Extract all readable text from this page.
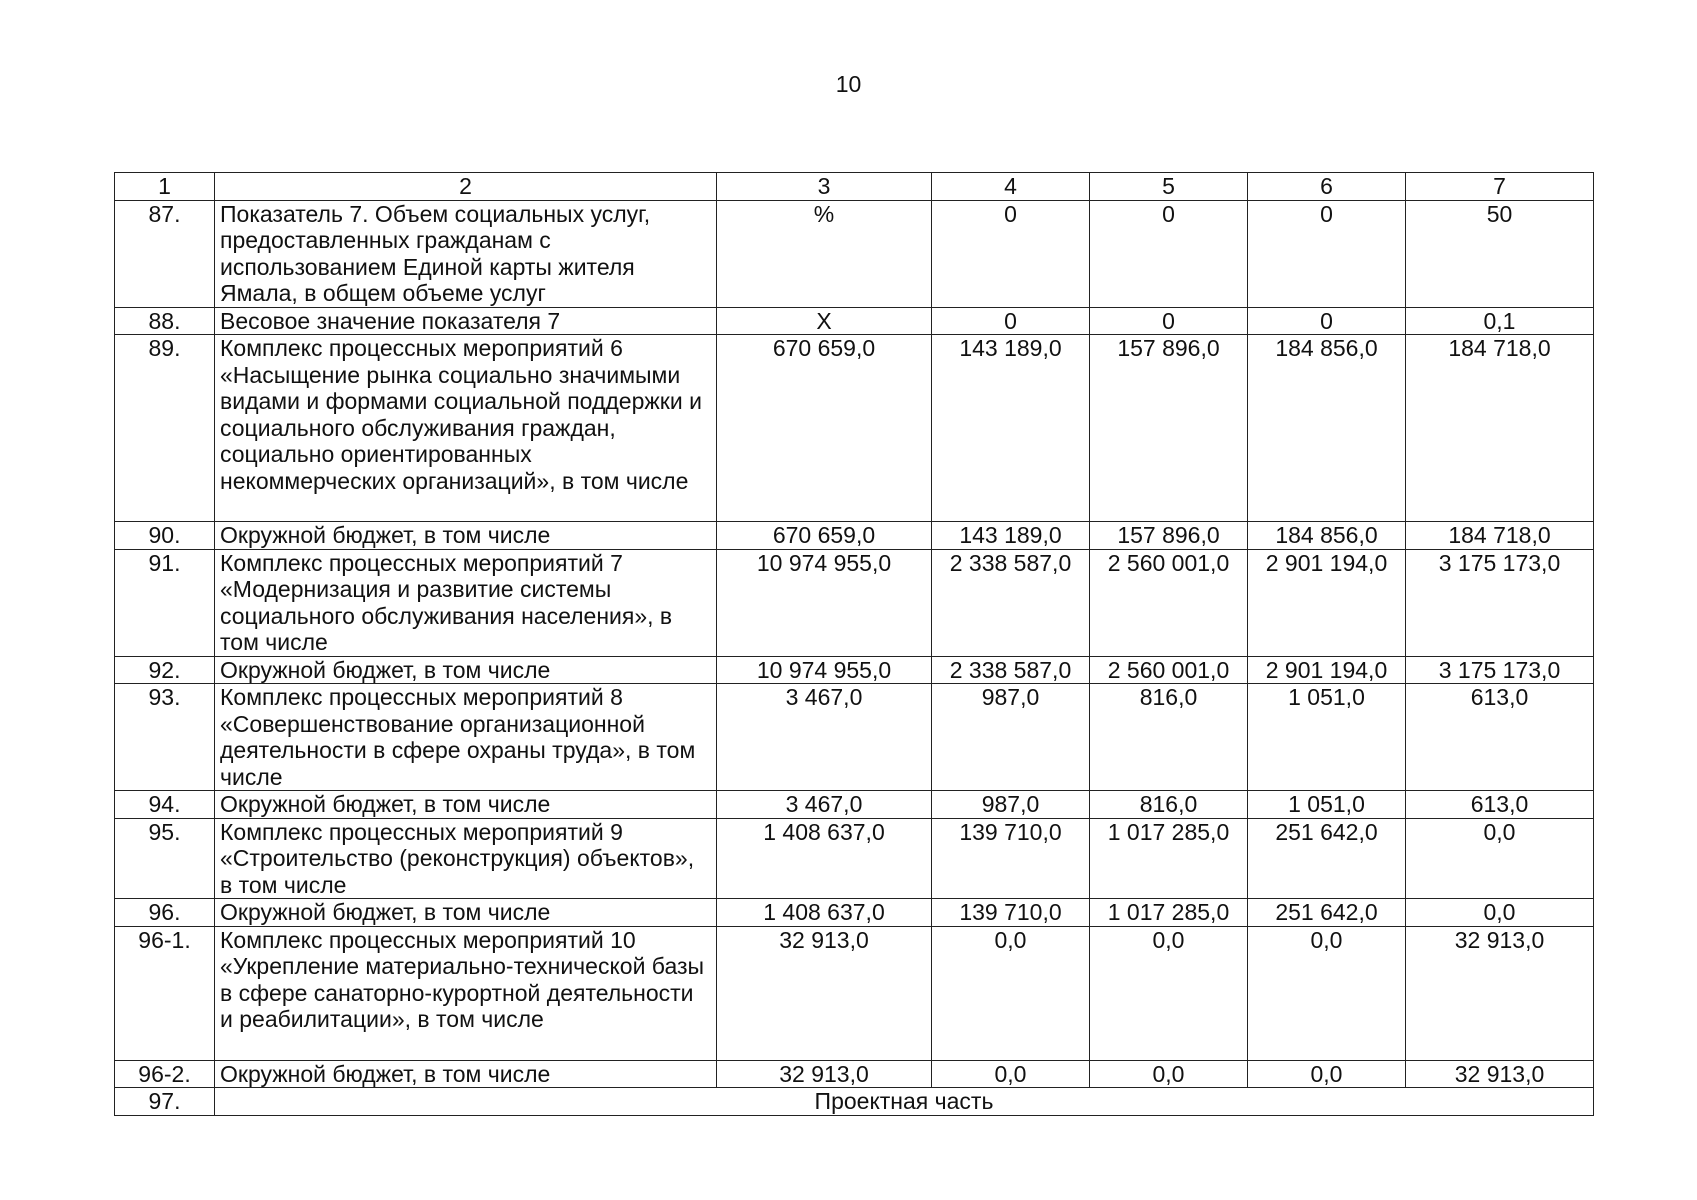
10
1	2	3	4	5	6	7
87.	Показатель 7. Объем социальных услуг, предоставленных гражданам с использованием Единой карты жителя Ямала, в общем объеме услуг	%	0	0	0	50
88.	Весовое значение показателя 7	Х	0	0	0	0,1
89.	Комплекс процессных мероприятий 6 «Насыщение рынка социально значимыми видами и формами социальной поддержки и социального обслуживания граждан, социально ориентированных некоммерческих организаций», в том числе	670 659,0	143 189,0	157 896,0	184 856,0	184 718,0
90.	Окружной бюджет, в том числе	670 659,0	143 189,0	157 896,0	184 856,0	184 718,0
91.	Комплекс процессных мероприятий 7 «Модернизация и развитие системы социального обслуживания населения», в том числе	10 974 955,0	2 338 587,0	2 560 001,0	2 901 194,0	3 175 173,0
92.	Окружной бюджет, в том числе	10 974 955,0	2 338 587,0	2 560 001,0	2 901 194,0	3 175 173,0
93.	Комплекс процессных мероприятий 8 «Совершенствование организационной деятельности в сфере охраны труда», в том числе	3 467,0	987,0	816,0	1 051,0	613,0
94.	Окружной бюджет, в том числе	3 467,0	987,0	816,0	1 051,0	613,0
95.	Комплекс процессных мероприятий 9 «Строительство (реконструкция) объектов», в том числе	1 408 637,0	139 710,0	1 017 285,0	251 642,0	0,0
96.	Окружной бюджет, в том числе	1 408 637,0	139 710,0	1 017 285,0	251 642,0	0,0
96-1.	Комплекс процессных мероприятий 10 «Укрепление материально-технической базы в сфере санаторно-курортной деятельности и реабилитации», в том числе	32 913,0	0,0	0,0	0,0	32 913,0
96-2.	Окружной бюджет, в том числе	32 913,0	0,0	0,0	0,0	32 913,0
97.	Проектная часть					
